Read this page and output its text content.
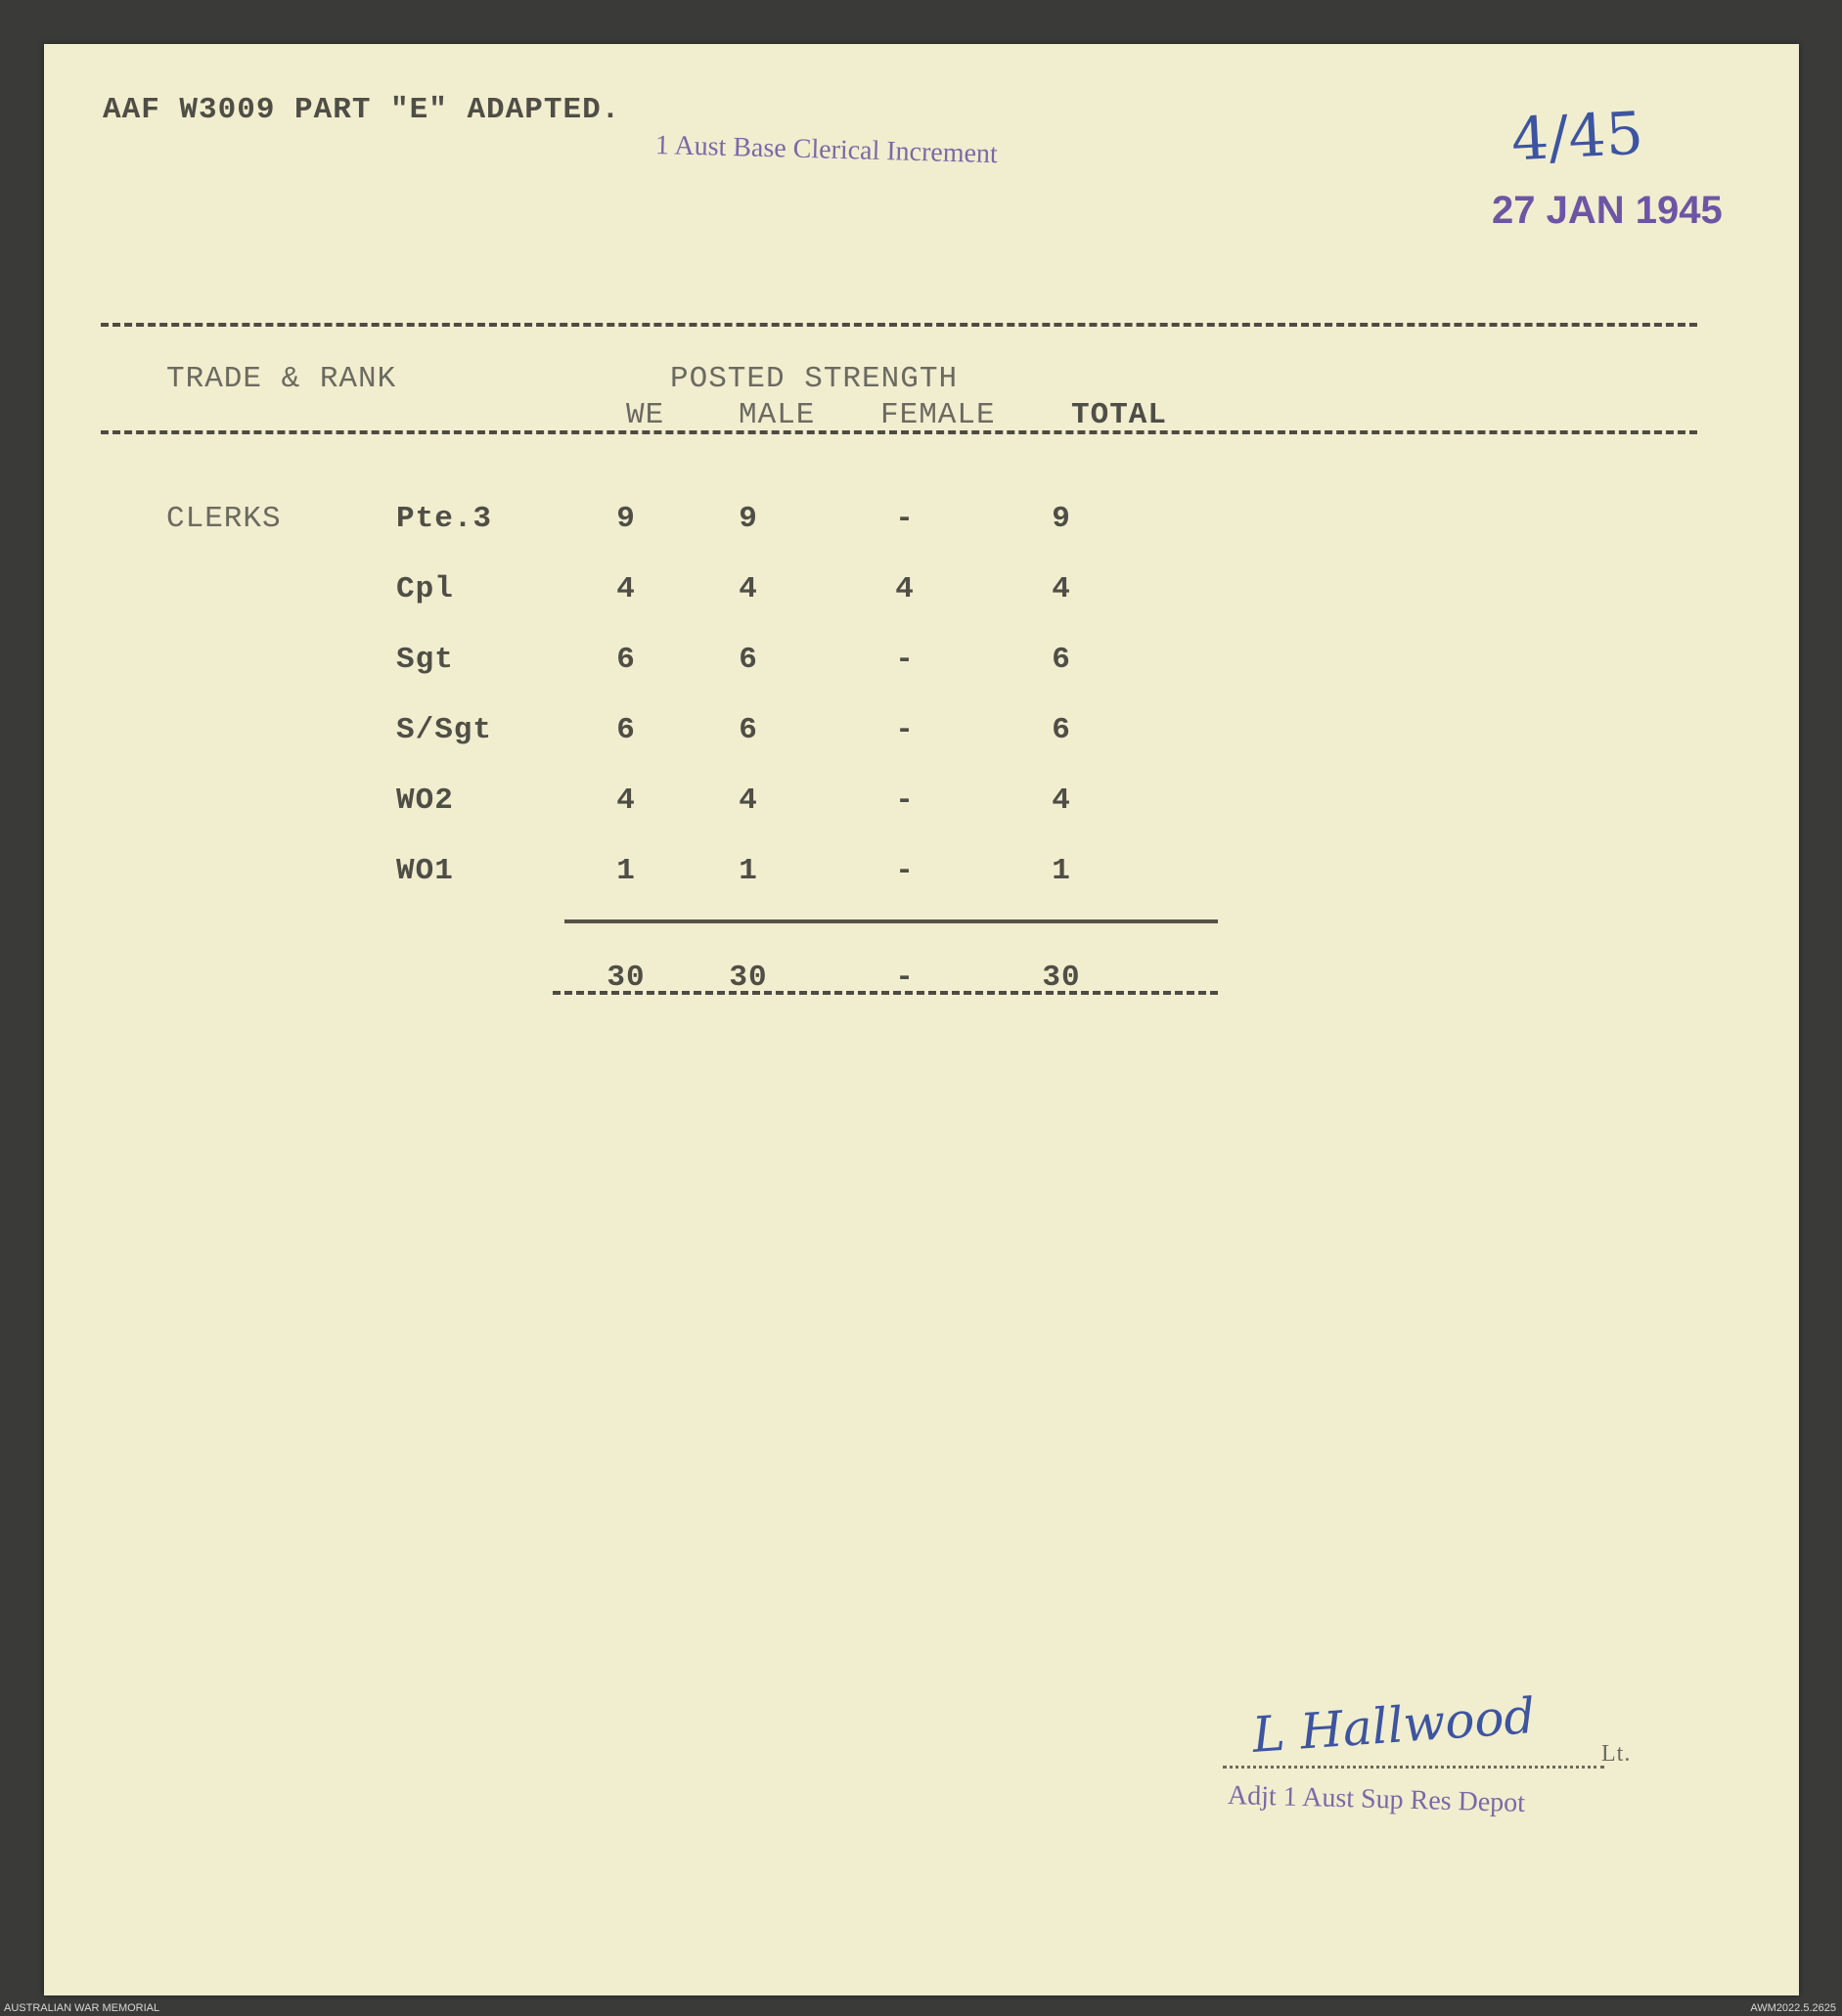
AAF W3009 PART "E" ADAPTED.
1 Aust Base Clerical Increment	4/45
27 JAN 1945
TRADE & RANK	POSTED STRENGTH
WE MALE FEMALE TOTAL
CLERKS	Pte.3	9	9	-	9
Cpl	4	4	4	4
Sgt	6	6	-	6
S/Sgt	6	6	-	6
WO2	4	4	-	4
WO1	1	1	-	1
30	30	-	30
L Hallwood	Lt.
Adjt 1 Aust Sup Res Depot
AUSTRALIAN WAR MEMORIAL	AWM2022.5.2625
